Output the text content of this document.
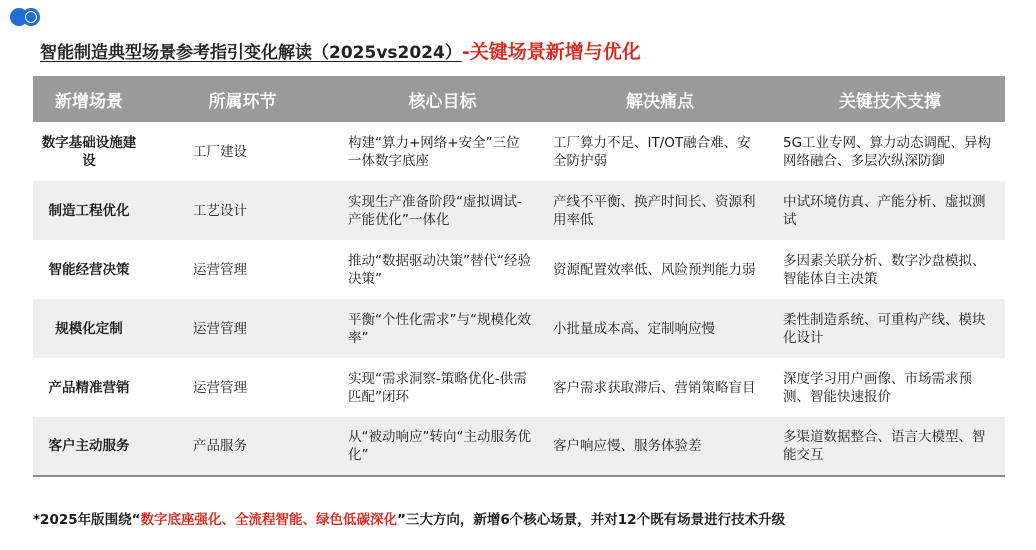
智能制造典型场景参考指引变化解读（2025vs2024）-关键场景新增与优化
新增场景	所属环节	核心目标	解决痛点	关键技术支撑
数字基础设施建设	工厂建设	构建“算力+网络+安全”三位一体数字底座	工厂算力不足、IT/OT融合难、安全防护弱	5G工业专网、算力动态调配、异构网络融合、多层次纵深防御
制造工程优化	工艺设计	实现生产准备阶段“虚拟调试-产能优化”一体化	产线不平衡、换产时间长、资源利用率低	中试环境仿真、产能分析、虚拟测试
智能经营决策	运营管理	推动“数据驱动决策”替代“经验决策”	资源配置效率低、风险预判能力弱	多因素关联分析、数字沙盘模拟、智能体自主决策
规模化定制	运营管理	平衡“个性化需求”与“规模化效率”	小批量成本高、定制响应慢	柔性制造系统、可重构产线、模块化设计
产品精准营销	运营管理	实现“需求洞察-策略优化-供需匹配”闭环	客户需求获取滞后、营销策略盲目	深度学习用户画像、市场需求预测、智能快速报价
客户主动服务	产品服务	从“被动响应”转向“主动服务优化”	客户响应慢、服务体验差	多渠道数据整合、语言大模型、智能交互
*2025年版围绕“数字底座强化、全流程智能、绿色低碳深化”三大方向，新增6个核心场景，并对12个既有场景进行技术升级
